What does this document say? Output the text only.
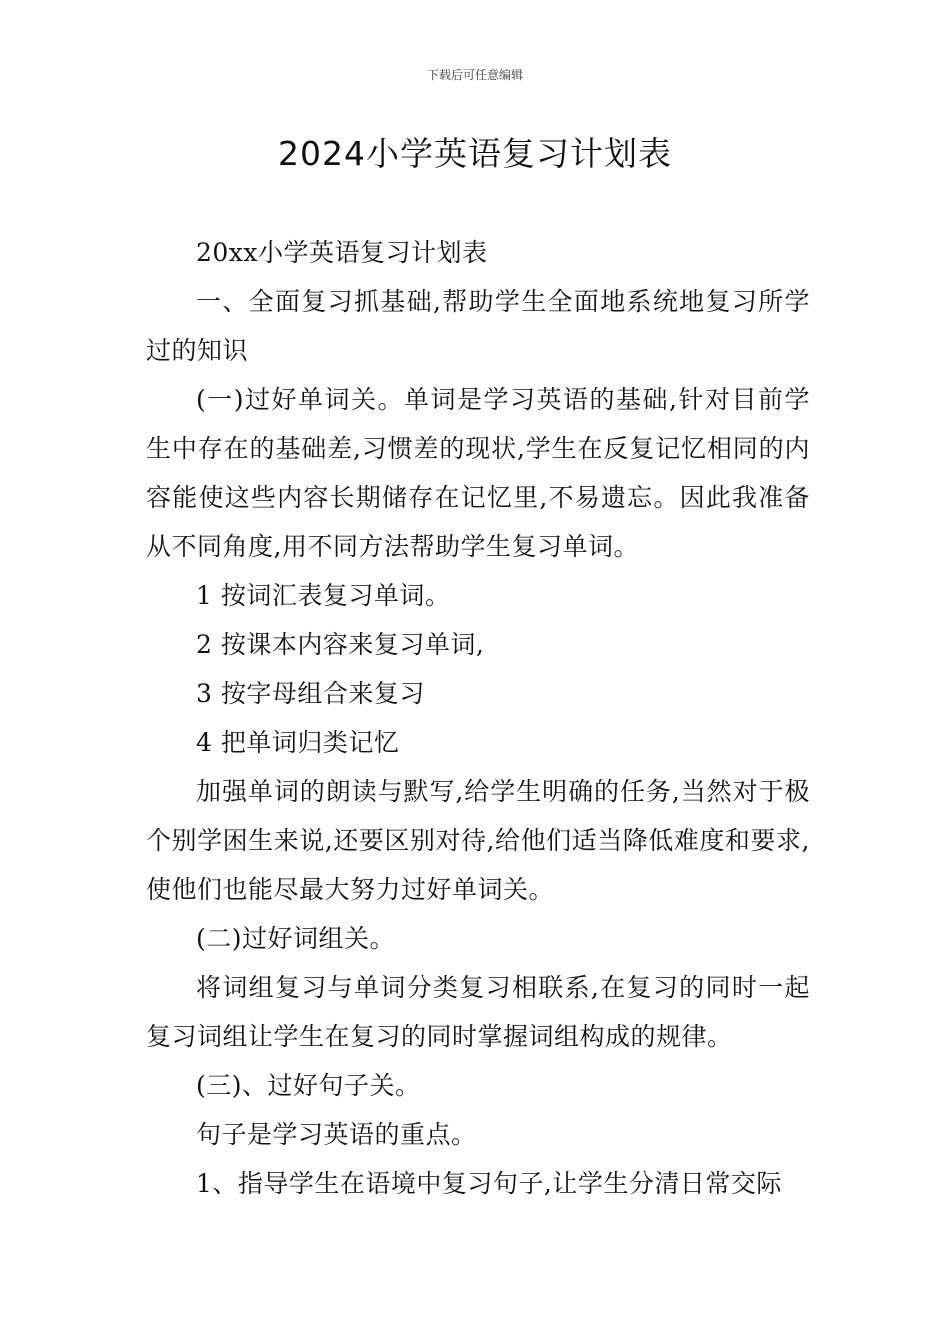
下载后可任意编辑
2024小学英语复习计划表

20xx小学英语复习计划表

一、全面复习抓基础,帮助学生全面地系统地复习所学过的知识

(一)过好单词关。单词是学习英语的基础,针对目前学生中存在的基础差,习惯差的现状,学生在反复记忆相同的内容能使这些内容长期储存在记忆里,不易遗忘。因此我准备从不同角度,用不同方法帮助学生复习单词。

1 按词汇表复习单词。

2 按课本内容来复习单词,

3 按字母组合来复习

4 把单词归类记忆

加强单词的朗读与默写,给学生明确的任务,当然对于极个别学困生来说,还要区别对待,给他们适当降低难度和要求,使他们也能尽最大努力过好单词关。

(二)过好词组关。

将词组复习与单词分类复习相联系,在复习的同时一起复习词组让学生在复习的同时掌握词组构成的规律。

(三)、过好句子关。

句子是学习英语的重点。

1、指导学生在语境中复习句子,让学生分清日常交际
